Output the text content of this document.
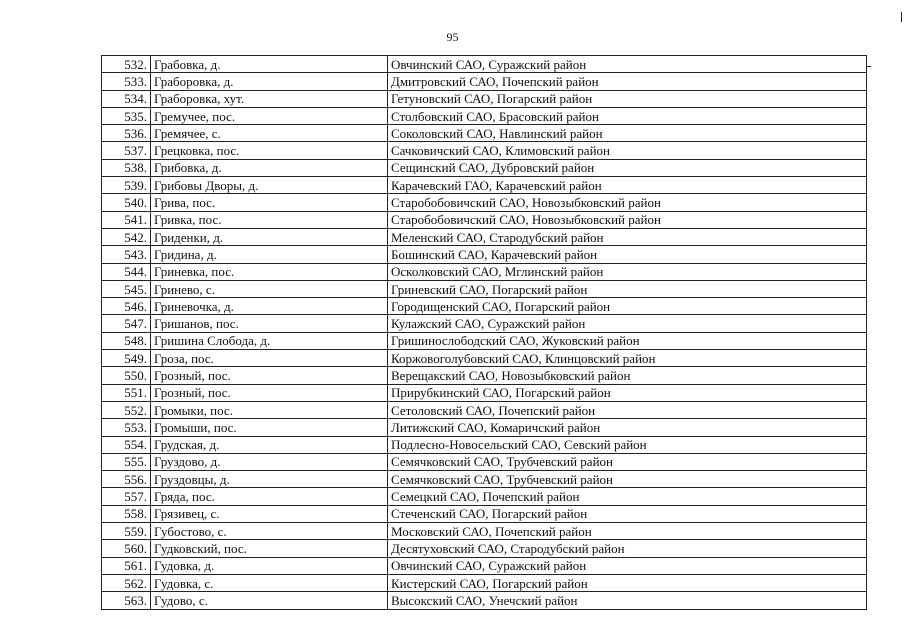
95
532.	Грабовка, д.	Овчинский САО, Суражский район
533.	Граборовка, д.	Дмитровский САО, Почепский район
534.	Граборовка, хут.	Гетуновский САО, Погарский район
535.	Гремучее, пос.	Столбовский САО, Брасовский район
536.	Гремячее, с.	Соколовский САО, Навлинский район
537.	Грецковка, пос.	Сачковичский САО, Климовский район
538.	Грибовка, д.	Сещинский САО, Дубровский район
539.	Грибовы Дворы, д.	Карачевский ГАО, Карачевский район
540.	Грива, пос.	Старобобовичский САО, Новозыбковский район
541.	Гривка, пос.	Старобобовичский САО, Новозыбковский район
542.	Гриденки, д.	Меленский САО, Стародубский район
543.	Гридина, д.	Бошинский САО, Карачевский район
544.	Гриневка, пос.	Осколковский САО, Мглинский район
545.	Гринево, с.	Гриневский САО, Погарский район
546.	Гриневочка, д.	Городищенский САО, Погарский район
547.	Гришанов, пос.	Кулажский САО, Суражский район
548.	Гришина Слобода, д.	Гришинослободский САО, Жуковский район
549.	Гроза, пос.	Коржовоголубовский САО, Клинцовский район
550.	Грозный, пос.	Верещакский САО, Новозыбковский район
551.	Грозный, пос.	Прирубкинский САО, Погарский район
552.	Громыки, пос.	Сетоловский САО, Почепский район
553.	Громыши, пос.	Литижский САО, Комаричский район
554.	Грудская, д.	Подлесно-Новосельский САО, Севский район
555.	Груздово, д.	Семячковский САО, Трубчевский район
556.	Груздовцы, д.	Семячковский САО, Трубчевский район
557.	Гряда, пос.	Семецкий САО, Почепский район
558.	Грязивец, с.	Стеченский САО, Погарский район
559.	Губостово, с.	Московский САО, Почепский район
560.	Гудковский, пос.	Десятуховский САО, Стародубский район
561.	Гудовка, д.	Овчинский САО, Суражский район
562.	Гудовка, с.	Кистерский САО, Погарский район
563.	Гудово, с.	Высокский САО, Унечский район
